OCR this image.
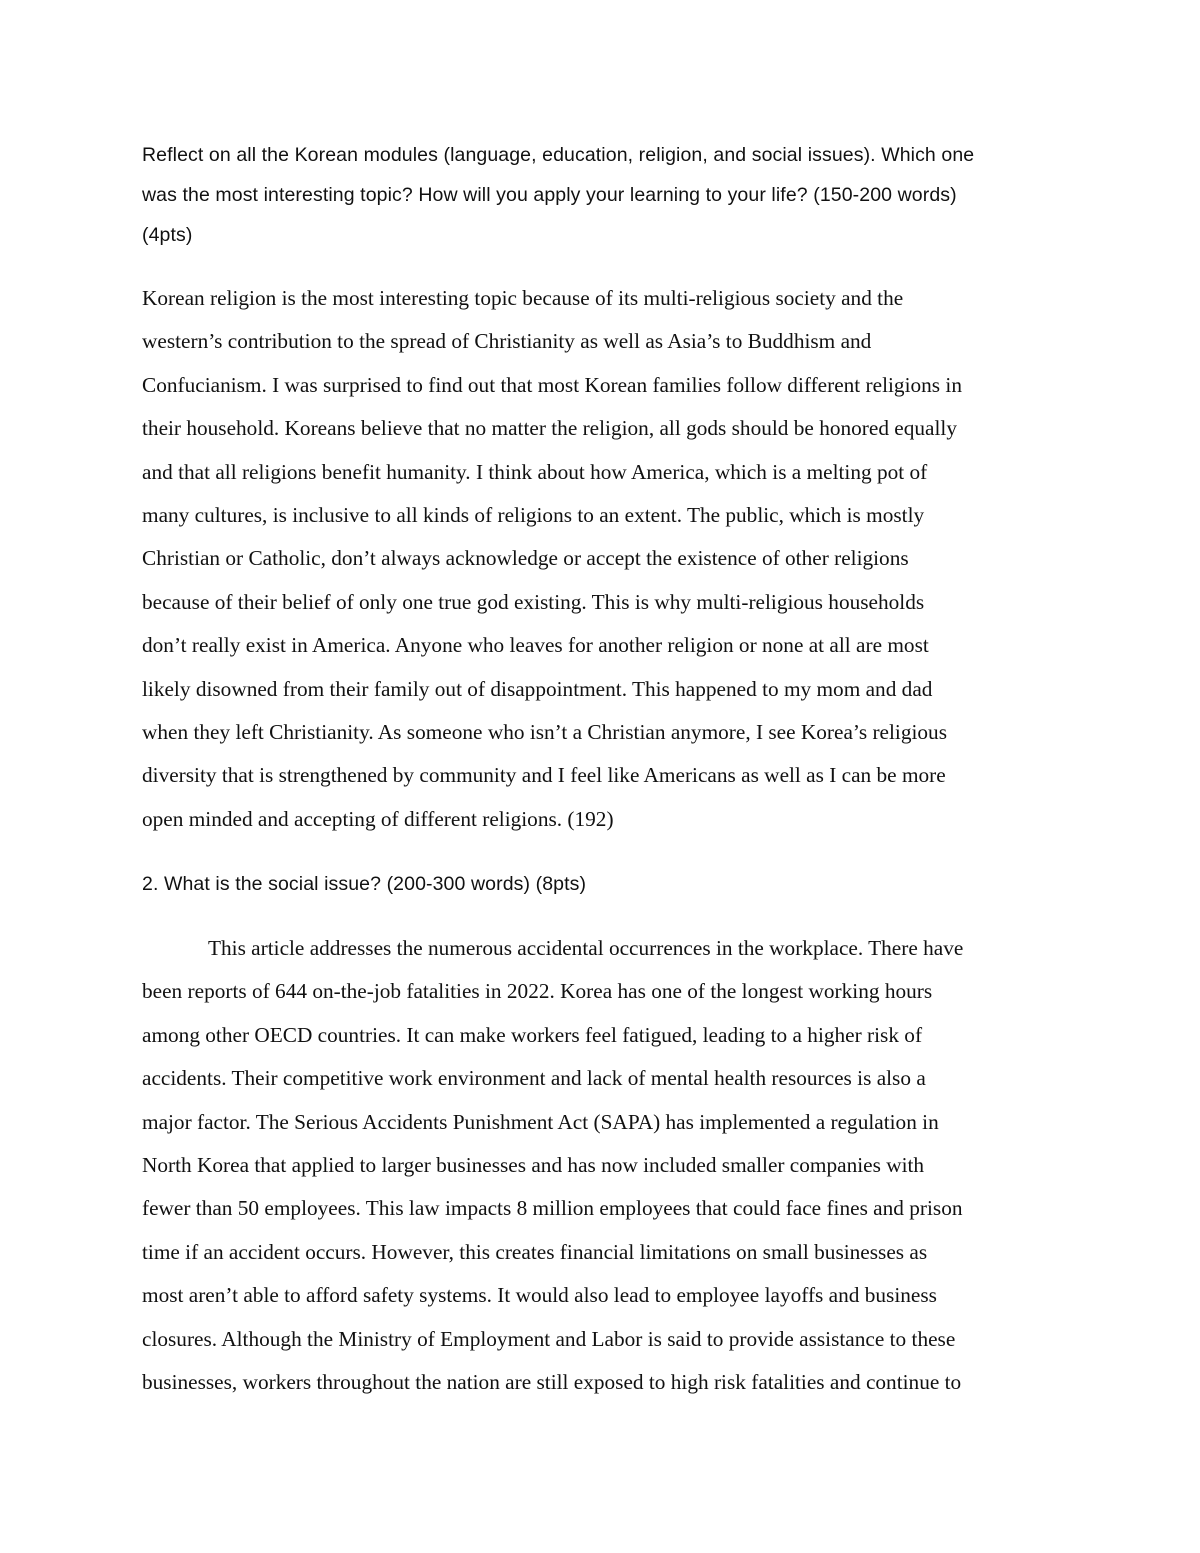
Reflect on all the Korean modules (language, education, religion, and social issues). Which one
was the most interesting topic? How will you apply your learning to your life? (150-200 words)
(4pts)
Korean religion is the most interesting topic because of its multi-religious society and the
western’s contribution to the spread of Christianity as well as Asia’s to Buddhism and
Confucianism. I was surprised to find out that most Korean families follow different religions in
their household. Koreans believe that no matter the religion, all gods should be honored equally
and that all religions benefit humanity. I think about how America, which is a melting pot of
many cultures, is inclusive to all kinds of religions to an extent. The public, which is mostly
Christian or Catholic, don’t always acknowledge or accept the existence of other religions
because of their belief of only one true god existing. This is why multi-religious households
don’t really exist in America. Anyone who leaves for another religion or none at all are most
likely disowned from their family out of disappointment. This happened to my mom and dad
when they left Christianity. As someone who isn’t a Christian anymore, I see Korea’s religious
diversity that is strengthened by community and I feel like Americans as well as I can be more
open minded and accepting of different religions. (192)
2. What is the social issue? (200-300 words) (8pts)
This article addresses the numerous accidental occurrences in the workplace. There have
been reports of 644 on-the-job fatalities in 2022. Korea has one of the longest working hours
among other OECD countries. It can make workers feel fatigued, leading to a higher risk of
accidents. Their competitive work environment and lack of mental health resources is also a
major factor. The Serious Accidents Punishment Act (SAPA) has implemented a regulation in
North Korea that applied to larger businesses and has now included smaller companies with
fewer than 50 employees. This law impacts 8 million employees that could face fines and prison
time if an accident occurs. However, this creates financial limitations on small businesses as
most aren’t able to afford safety systems. It would also lead to employee layoffs and business
closures. Although the Ministry of Employment and Labor is said to provide assistance to these
businesses, workers throughout the nation are still exposed to high risk fatalities and continue to
